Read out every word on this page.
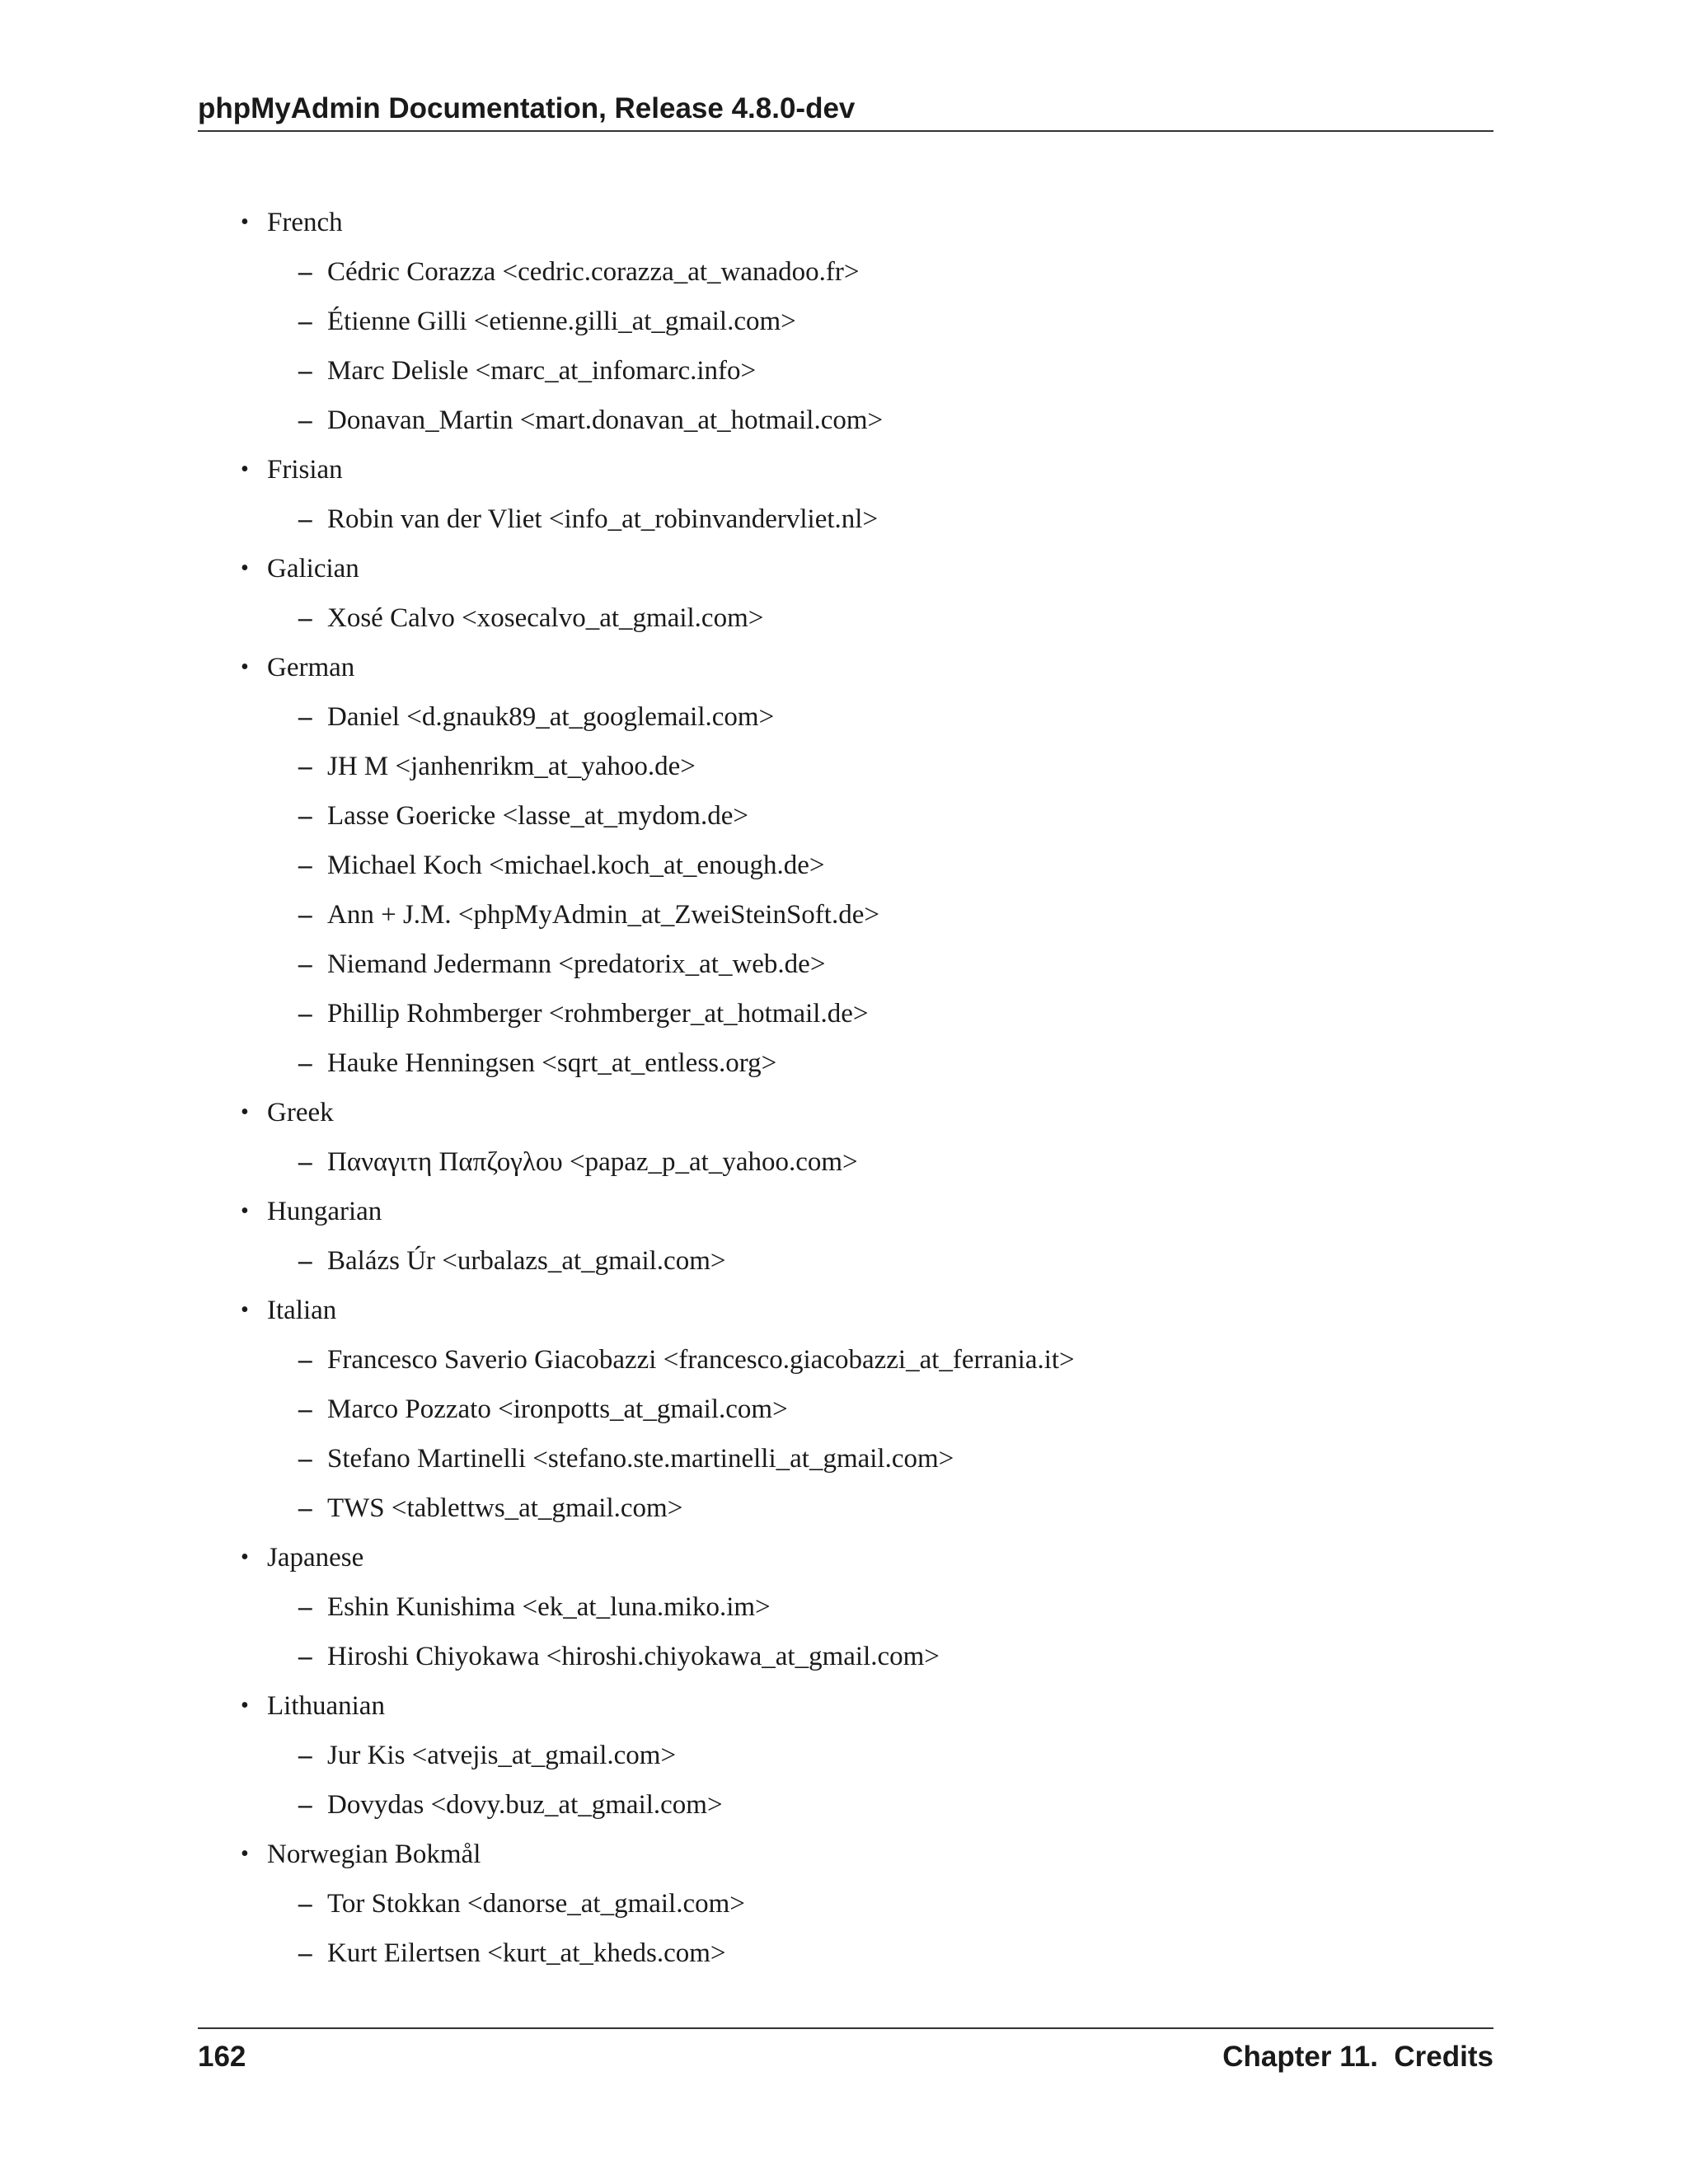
phpMyAdmin Documentation, Release 4.8.0-dev
• French
– Cédric Corazza <cedric.corazza_at_wanadoo.fr>
– Étienne Gilli <etienne.gilli_at_gmail.com>
– Marc Delisle <marc_at_infomarc.info>
– Donavan_Martin <mart.donavan_at_hotmail.com>
• Frisian
– Robin van der Vliet <info_at_robinvandervliet.nl>
• Galician
– Xosé Calvo <xosecalvo_at_gmail.com>
• German
– Daniel <d.gnauk89_at_googlemail.com>
– JH M <janhenrikm_at_yahoo.de>
– Lasse Goericke <lasse_at_mydom.de>
– Michael Koch <michael.koch_at_enough.de>
– Ann + J.M. <phpMyAdmin_at_ZweiSteinSoft.de>
– Niemand Jedermann <predatorix_at_web.de>
– Phillip Rohmberger <rohmberger_at_hotmail.de>
– Hauke Henningsen <sqrt_at_entless.org>
• Greek
– Παναγιτη Παπζογλου <papaz_p_at_yahoo.com>
• Hungarian
– Balázs Úr <urbalazs_at_gmail.com>
• Italian
– Francesco Saverio Giacobazzi <francesco.giacobazzi_at_ferrania.it>
– Marco Pozzato <ironpotts_at_gmail.com>
– Stefano Martinelli <stefano.ste.martinelli_at_gmail.com>
– TWS <tablettws_at_gmail.com>
• Japanese
– Eshin Kunishima <ek_at_luna.miko.im>
– Hiroshi Chiyokawa <hiroshi.chiyokawa_at_gmail.com>
• Lithuanian
– Jur Kis <atvejis_at_gmail.com>
– Dovydas <dovy.buz_at_gmail.com>
• Norwegian Bokmål
– Tor Stokkan <danorse_at_gmail.com>
– Kurt Eilertsen <kurt_at_kheds.com>
162	Chapter 11.  Credits
